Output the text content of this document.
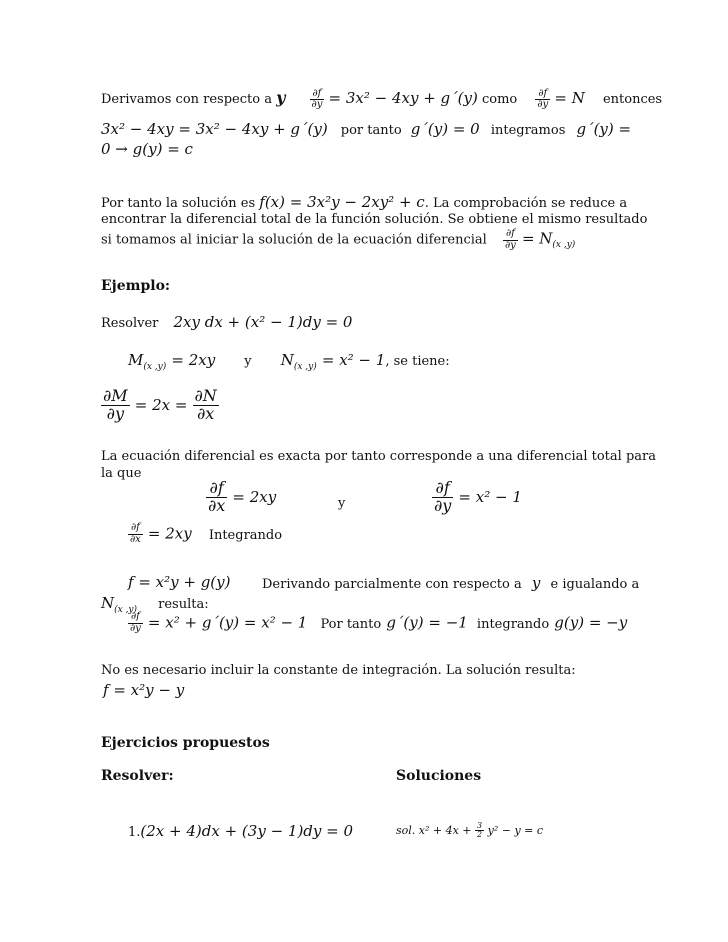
Derivamos con respecto a y $\frac{\partial f}{\partial y} = 3x^2 - 4xy$ + g´(y) como $\frac{\partial f}{\partial y} = N$ entonces
3x² − 4xy = 3x² − 4xy + g´(y) por tanto g´(y) = 0 integramos g´(y) =
0 → g(y) = c
Por tanto la solución es f(x) = 3x²y − 2xy² + c. La comprobación se reduce a
encontrar la diferencial total de la función solución. Se obtiene el mismo resultado
si tomamos al iniciar la solución de la ecuación diferencial $\frac{\partial f}{\partial y} = N_{(x ,y)}$
Ejemplo:
Resolver 2xy dx + (x² − 1)dy = 0
$M_{(x ,y)} = 2xy$ y $N_{(x ,y)} = x^2 - 1$, se tiene:
$\frac{\partial M}{\partial y} = 2x = \frac{\partial N}{\partial x}$
La ecuación diferencial es exacta por tanto corresponde a una diferencial total para
la que
$\frac{\partial f}{\partial x} = 2xy$	y	$\frac{\partial f}{\partial y} = x^2 - 1$
$\frac{\partial f}{\partial x} = 2xy$ Integrando
f = x²y + g(y) Derivando parcialmente con respecto a y e igualando a
$N_{(x ,y)}$ resulta:
$\frac{\partial f}{\partial y} = x^2$ + g´(y) = x² − 1 Por tanto g´(y) = −1 integrando g(y) = −y
No es necesario incluir la constante de integración. La solución resulta:
f = x²y − y
Ejercicios propuestos
Resolver:	Soluciones
1.(2x + 4)dx + (3y − 1)dy = 0	sol. $x^2 + 4x + \frac{3}{2} y^2 - y = c$
